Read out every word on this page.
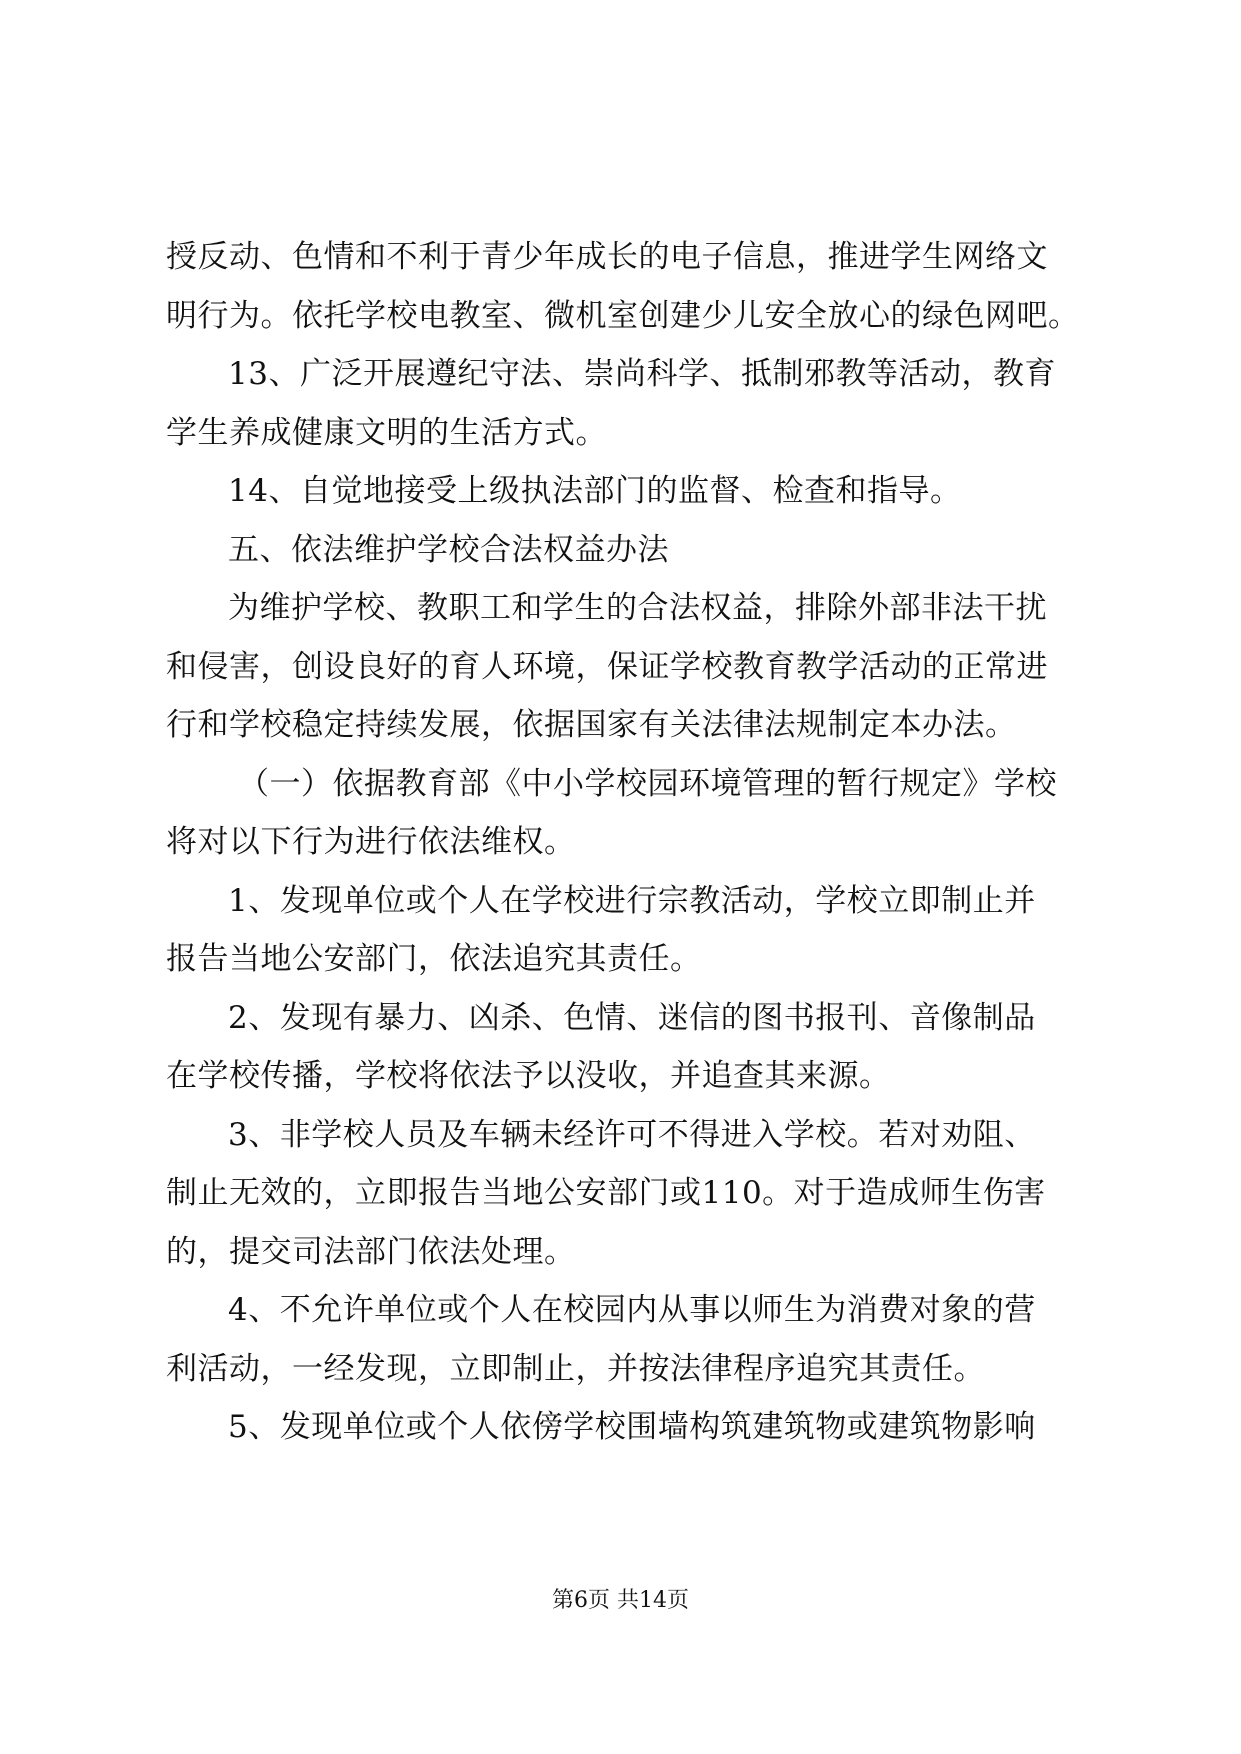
授反动、色情和不利于青少年成长的电子信息，推进学生网络文
明行为。依托学校电教室、微机室创建少儿安全放心的绿色网吧。
13、广泛开展遵纪守法、崇尚科学、抵制邪教等活动，教育
学生养成健康文明的生活方式。
14、自觉地接受上级执法部门的监督、检查和指导。
五、依法维护学校合法权益办法
为维护学校、教职工和学生的合法权益，排除外部非法干扰
和侵害，创设良好的育人环境，保证学校教育教学活动的正常进
行和学校稳定持续发展，依据国家有关法律法规制定本办法。
（一）依据教育部《中小学校园环境管理的暂行规定》学校
将对以下行为进行依法维权。
1、发现单位或个人在学校进行宗教活动，学校立即制止并
报告当地公安部门，依法追究其责任。
2、发现有暴力、凶杀、色情、迷信的图书报刊、音像制品
在学校传播，学校将依法予以没收，并追查其来源。
3、非学校人员及车辆未经许可不得进入学校。若对劝阻、
制止无效的，立即报告当地公安部门或110。对于造成师生伤害
的，提交司法部门依法处理。
4、不允许单位或个人在校园内从事以师生为消费对象的营
利活动，一经发现，立即制止，并按法律程序追究其责任。
5、发现单位或个人依傍学校围墙构筑建筑物或建筑物影响
第6页 共14页
